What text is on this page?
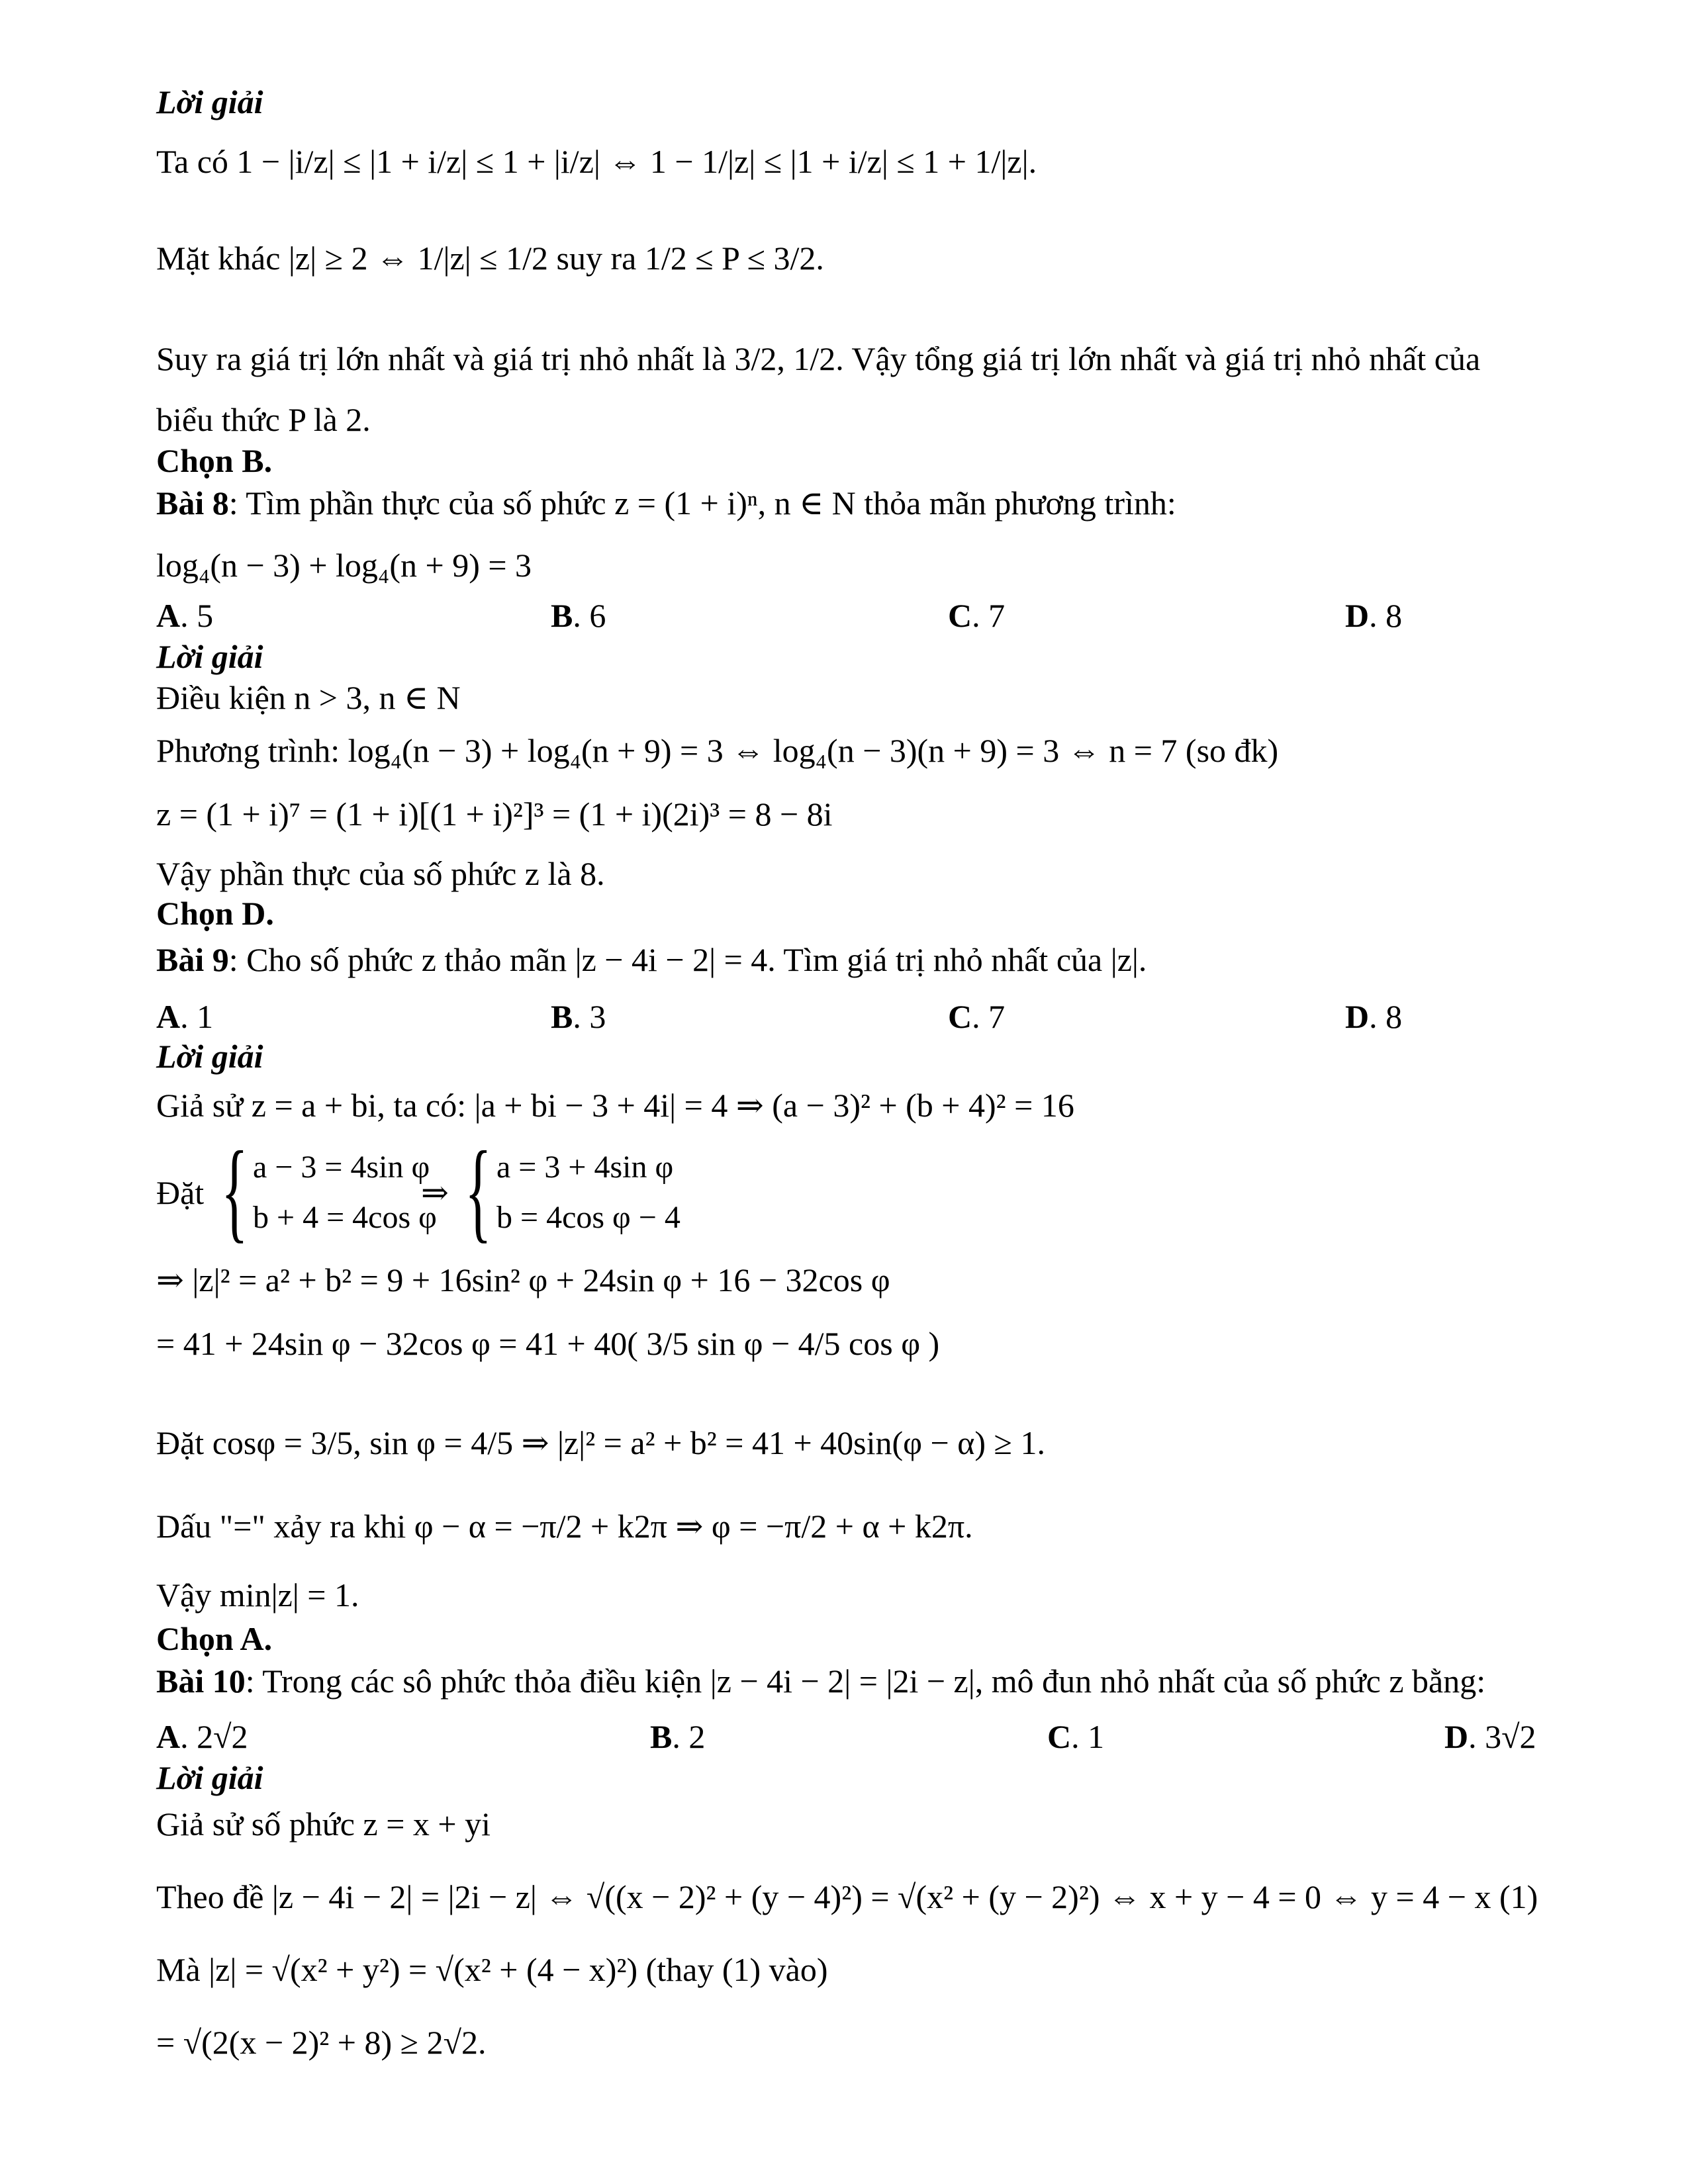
Lời giải
Ta có 1 − |i/z| ≤ |1 + i/z| ≤ 1 + |i/z| ⇔ 1 − 1/|z| ≤ |1 + i/z| ≤ 1 + 1/|z|.
Mặt khác |z| ≥ 2 ⇔ 1/|z| ≤ 1/2 suy ra 1/2 ≤ P ≤ 3/2.
Suy ra giá trị lớn nhất và giá trị nhỏ nhất là 3/2, 1/2. Vậy tổng giá trị lớn nhất và giá trị nhỏ nhất của
biểu thức P là 2.
Chọn B.
Bài 8: Tìm phần thực của số phức z = (1 + i)ⁿ, n ∈ N thỏa mãn phương trình:
log₄(n − 3) + log₄(n + 9) = 3
A. 5	B. 6	C. 7	D. 8
Lời giải
Điều kiện n > 3, n ∈ N
Phương trình: log₄(n − 3) + log₄(n + 9) = 3 ⇔ log₄(n − 3)(n + 9) = 3 ⇔ n = 7 (so đk)
z = (1 + i)⁷ = (1 + i)[(1 + i)²]³ = (1 + i)(2i)³ = 8 − 8i
Vậy phần thực của số phức z là 8.
Chọn D.
Bài 9: Cho số phức z thảo mãn |z − 4i − 2| = 4. Tìm giá trị nhỏ nhất của |z|.
A. 1	B. 3	C. 7	D. 8
Lời giải
Giả sử z = a + bi, ta có: |a + bi − 3 + 4i| = 4 ⇒ (a − 3)² + (b + 4)² = 16
Đặt { a − 3 = 4sin φ
b + 4 = 4cos φ
⇒ { a = 3 + 4sin φ
b = 4cos φ − 4
⇒ |z|² = a² + b² = 9 + 16sin² φ + 24sin φ + 16 − 32cos φ
= 41 + 24sin φ − 32cos φ = 41 + 40( 3/5 sin φ − 4/5 cos φ )
Đặt cosφ = 3/5, sin φ = 4/5 ⇒ |z|² = a² + b² = 41 + 40sin(φ − α) ≥ 1.
Dấu "=" xảy ra khi φ − α = −π/2 + k2π ⇒ φ = −π/2 + α + k2π.
Vậy min|z| = 1.
Chọn A.
Bài 10: Trong các sô phức thỏa điều kiện |z − 4i − 2| = |2i − z|, mô đun nhỏ nhất của số phức z bằng:
A. 2√2	B. 2	C. 1	D. 3√2
Lời giải
Giả sử số phức z = x + yi
Theo đề |z − 4i − 2| = |2i − z| ⇔ √((x − 2)² + (y − 4)²) = √(x² + (y − 2)²) ⇔ x + y − 4 = 0 ⇔ y = 4 − x (1)
Mà |z| = √(x² + y²) = √(x² + (4 − x)²) (thay (1) vào)
= √(2(x − 2)² + 8) ≥ 2√2.
